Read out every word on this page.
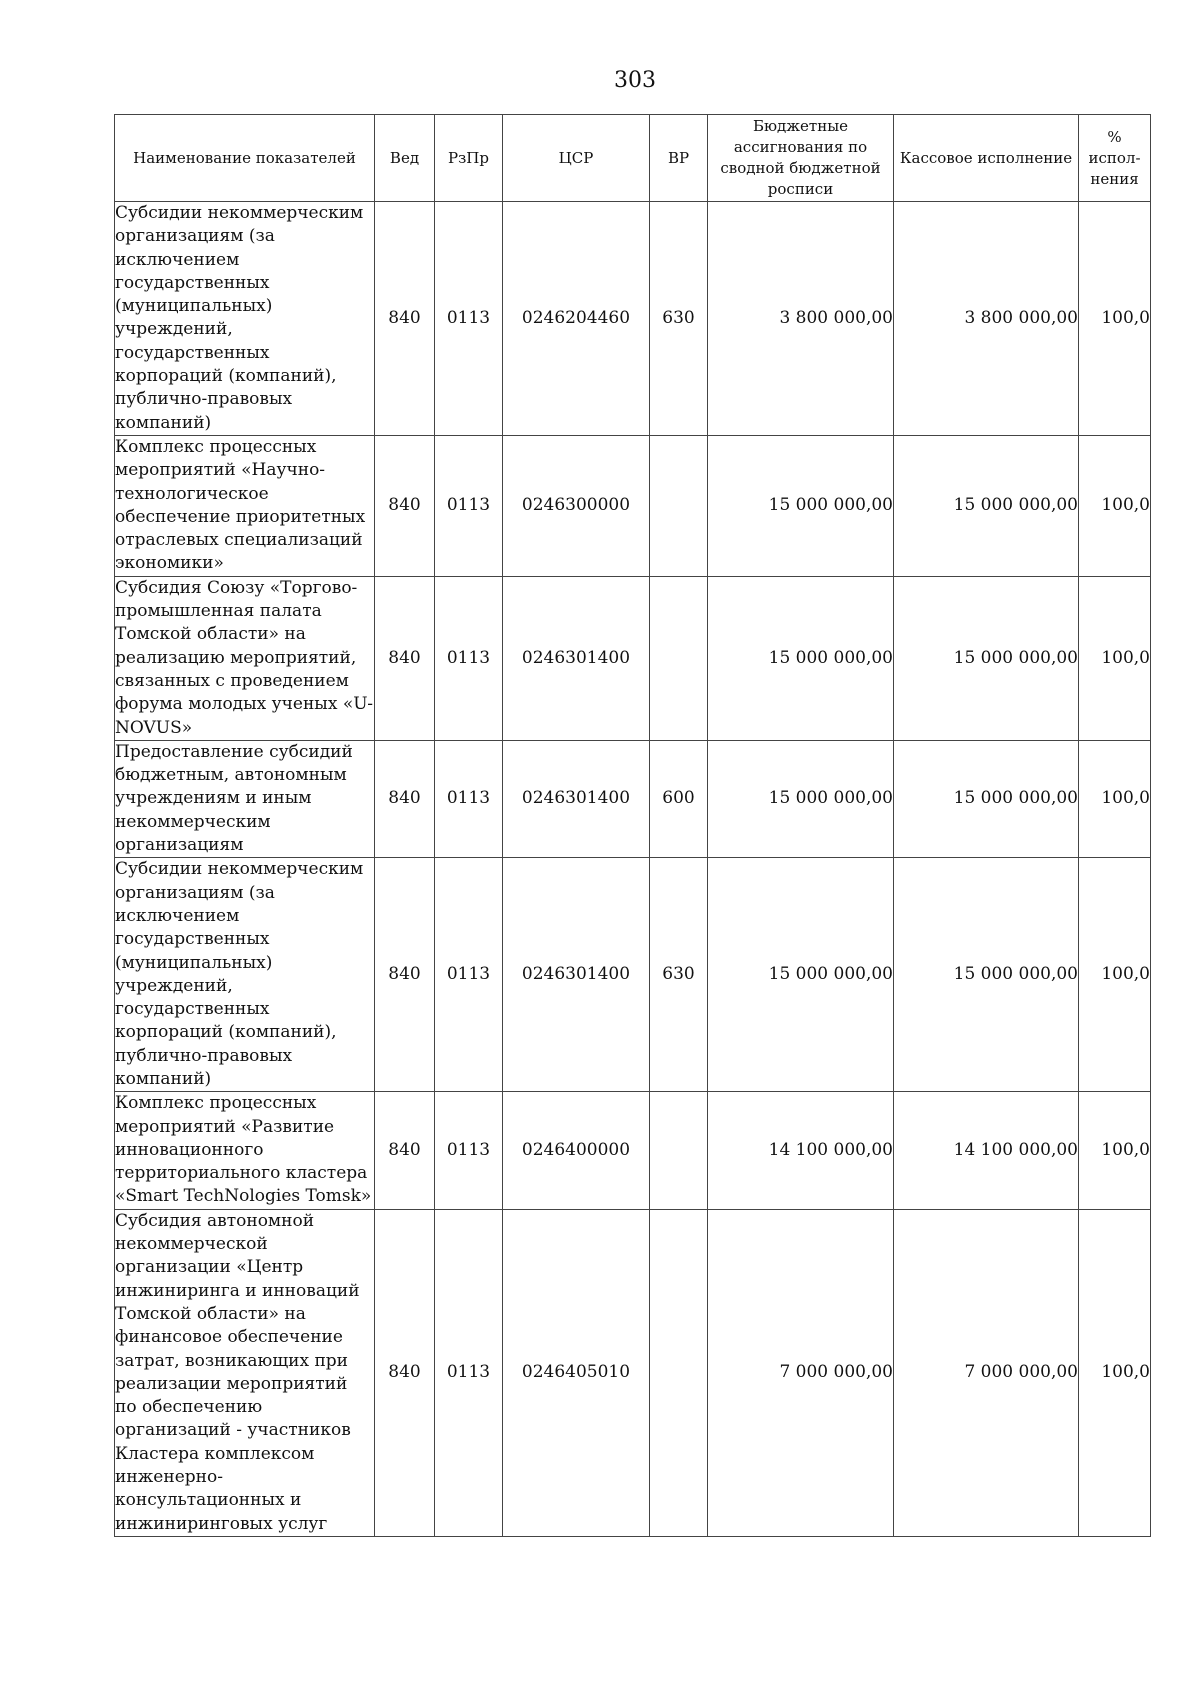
303
Наименование показателей	Вед	РзПр	ЦСР	ВР	Бюджетные ассигнования по сводной бюджетной росписи	Кассовое исполнение	% испол-нения
Субсидии некоммерческим организациям (за исключением государственных (муниципальных) учреждений, государственных корпораций (компаний), публично-правовых компаний)	840	0113	0246204460	630	3 800 000,00	3 800 000,00	100,0
Комплекс процессных мероприятий «Научно-технологическое обеспечение приоритетных отраслевых специализаций экономики»	840	0113	0246300000		15 000 000,00	15 000 000,00	100,0
Субсидия Союзу «Торгово-промышленная палата Томской области» на реализацию мероприятий, связанных с проведением форума молодых ученых «U-NOVUS»	840	0113	0246301400		15 000 000,00	15 000 000,00	100,0
Предоставление субсидий бюджетным, автономным учреждениям и иным некоммерческим организациям	840	0113	0246301400	600	15 000 000,00	15 000 000,00	100,0
Субсидии некоммерческим организациям (за исключением государственных (муниципальных) учреждений, государственных корпораций (компаний), публично-правовых компаний)	840	0113	0246301400	630	15 000 000,00	15 000 000,00	100,0
Комплекс процессных мероприятий «Развитие инновационного территориального кластера «Smart TechNologies Tomsk»	840	0113	0246400000		14 100 000,00	14 100 000,00	100,0
Субсидия автономной некоммерческой организации «Центр инжиниринга и инноваций Томской области» на финансовое обеспечение затрат, возникающих при реализации мероприятий по обеспечению организаций - участников Кластера комплексом инженерно-консультационных и инжиниринговых услуг	840	0113	0246405010		7 000 000,00	7 000 000,00	100,0
